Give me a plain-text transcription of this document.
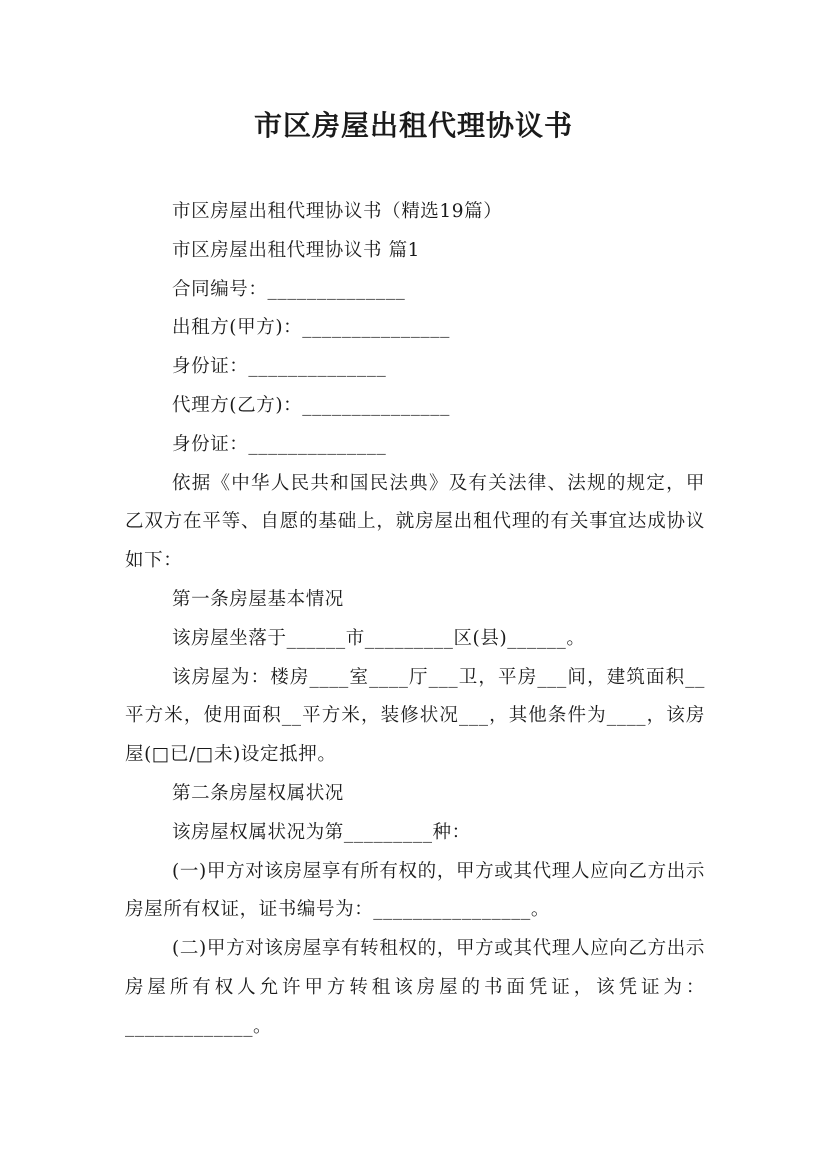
市区房屋出租代理协议书

市区房屋出租代理协议书（精选19篇）

市区房屋出租代理协议书 篇1

合同编号：______________

出租方(甲方)：_______________

身份证：______________

代理方(乙方)：_______________

身份证：______________

依据《中华人民共和国民法典》及有关法律、法规的规定，甲乙双方在平等、自愿的基础上，就房屋出租代理的有关事宜达成协议如下：

第一条房屋基本情况

该房屋坐落于______市_________区(县)______。

该房屋为：楼房____室____厅___卫，平房___间，建筑面积__平方米，使用面积__平方米，装修状况___，其他条件为____，该房屋(□已/□未)设定抵押。

第二条房屋权属状况

该房屋权属状况为第_________种：

(一)甲方对该房屋享有所有权的，甲方或其代理人应向乙方出示房屋所有权证，证书编号为：________________。

(二)甲方对该房屋享有转租权的，甲方或其代理人应向乙方出示房屋所有权人允许甲方转租该房屋的书面凭证，该凭证为：_____________。
